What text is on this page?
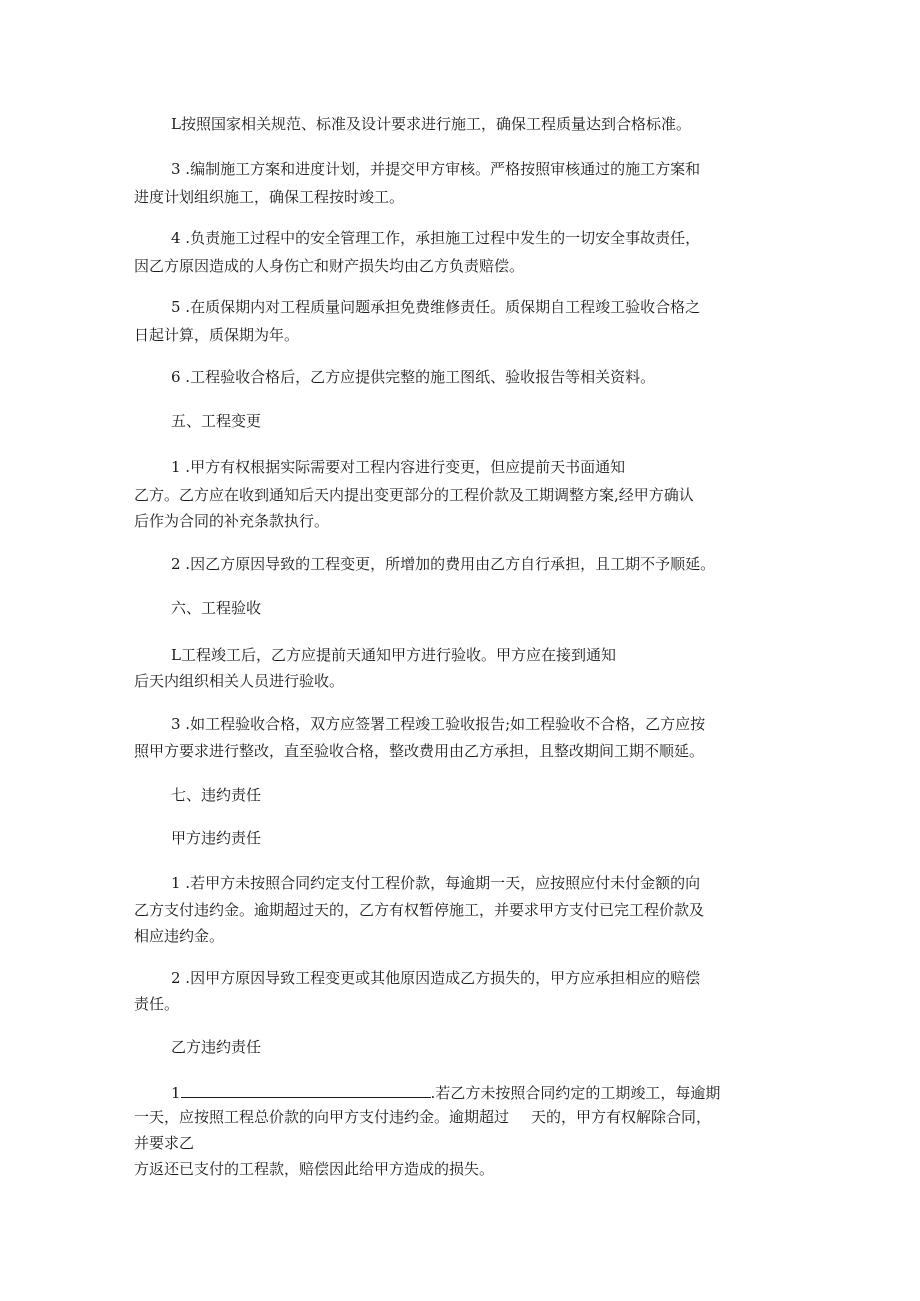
L按照国家相关规范、标准及设计要求进行施工，确保工程质量达到合格标准。
3 .编制施工方案和进度计划，并提交甲方审核。严格按照审核通过的施工方案和
进度计划组织施工，确保工程按时竣工。
4 .负责施工过程中的安全管理工作，承担施工过程中发生的一切安全事故责任，
因乙方原因造成的人身伤亡和财产损失均由乙方负责赔偿。
5 .在质保期内对工程质量问题承担免费维修责任。质保期自工程竣工验收合格之
日起计算，质保期为年。
6 .工程验收合格后，乙方应提供完整的施工图纸、验收报告等相关资料。
五、工程变更
1 .甲方有权根据实际需要对工程内容进行变更，但应提前天书面通知
乙方。乙方应在收到通知后天内提出变更部分的工程价款及工期调整方案,经甲方确认
后作为合同的补充条款执行。
2 .因乙方原因导致的工程变更，所增加的费用由乙方自行承担，且工期不予顺延。
六、工程验收
L工程竣工后，乙方应提前天通知甲方进行验收。甲方应在接到通知
后天内组织相关人员进行验收。
3 .如工程验收合格，双方应签署工程竣工验收报告;如工程验收不合格，乙方应按
照甲方要求进行整改，直至验收合格，整改费用由乙方承担，且整改期间工期不顺延。
七、违约责任
甲方违约责任
1 .若甲方未按照合同约定支付工程价款，每逾期一天，应按照应付未付金额的向
乙方支付违约金。逾期超过天的，乙方有权暂停施工，并要求甲方支付已完工程价款及
相应违约金。
2 .因甲方原因导致工程变更或其他原因造成乙方损失的，甲方应承担相应的赔偿
责任。
乙方违约责任
1	.若乙方未按照合同约定的工期竣工，每逾期
一天，应按照工程总价款的向甲方支付违约金。逾期超过 天的，甲方有权解除合同，
并要求乙
方返还已支付的工程款，赔偿因此给甲方造成的损失。
